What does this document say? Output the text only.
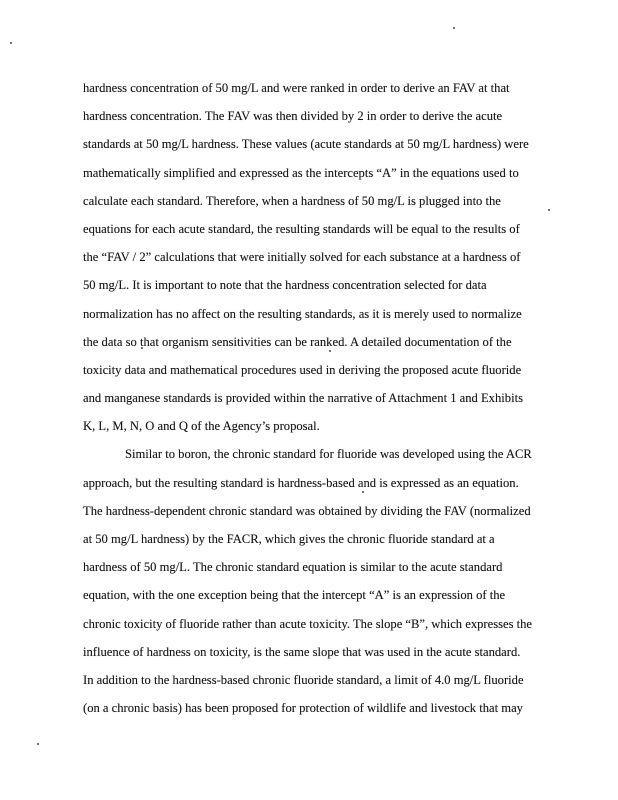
hardness concentration of 50 mg/L and were ranked in order to derive an FAV at that
hardness concentration. The FAV was then divided by 2 in order to derive the acute
standards at 50 mg/L hardness. These values (acute standards at 50 mg/L hardness) were
mathematically simplified and expressed as the intercepts “A” in the equations used to
calculate each standard. Therefore, when a hardness of 50 mg/L is plugged into the
equations for each acute standard, the resulting standards will be equal to the results of
the “FAV / 2” calculations that were initially solved for each substance at a hardness of
50 mg/L. It is important to note that the hardness concentration selected for data
normalization has no affect on the resulting standards, as it is merely used to normalize
the data so that organism sensitivities can be ranked. A detailed documentation of the
toxicity data and mathematical procedures used in deriving the proposed acute fluoride
and manganese standards is provided within the narrative of Attachment 1 and Exhibits
K, L, M, N, O and Q of the Agency’s proposal.
Similar to boron, the chronic standard for fluoride was developed using the ACR
approach, but the resulting standard is hardness-based and is expressed as an equation.
The hardness-dependent chronic standard was obtained by dividing the FAV (normalized
at 50 mg/L hardness) by the FACR, which gives the chronic fluoride standard at a
hardness of 50 mg/L. The chronic standard equation is similar to the acute standard
equation, with the one exception being that the intercept “A” is an expression of the
chronic toxicity of fluoride rather than acute toxicity. The slope “B”, which expresses the
influence of hardness on toxicity, is the same slope that was used in the acute standard.
In addition to the hardness-based chronic fluoride standard, a limit of 4.0 mg/L fluoride
(on a chronic basis) has been proposed for protection of wildlife and livestock that may
